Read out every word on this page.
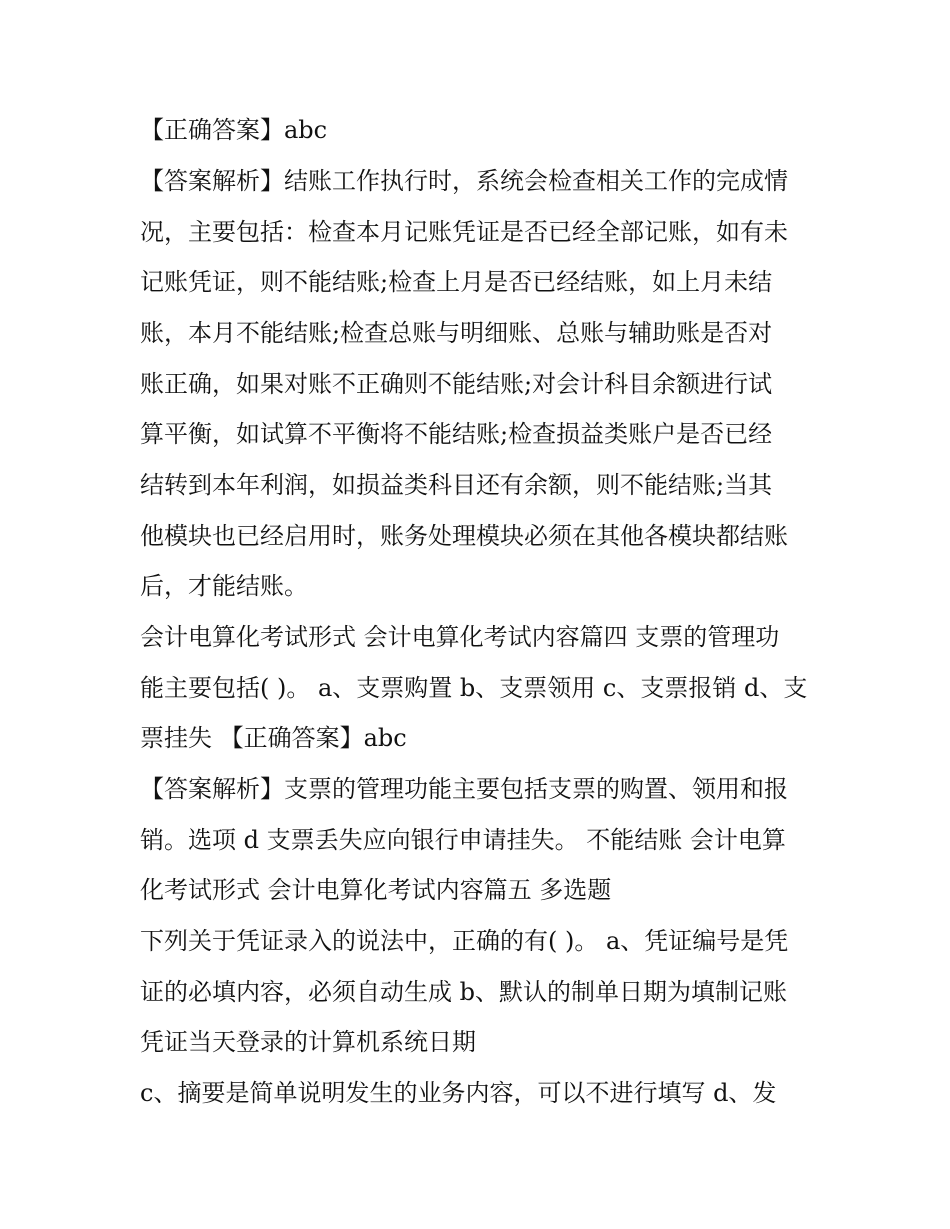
【正确答案】abc
【答案解析】结账工作执行时，系统会检查相关工作的完成情
况，主要包括：检查本月记账凭证是否已经全部记账，如有未
记账凭证，则不能结账;检查上月是否已经结账，如上月未结
账，本月不能结账;检查总账与明细账、总账与辅助账是否对
账正确，如果对账不正确则不能结账;对会计科目余额进行试
算平衡，如试算不平衡将不能结账;检查损益类账户是否已经
结转到本年利润，如损益类科目还有余额，则不能结账;当其
他模块也已经启用时，账务处理模块必须在其他各模块都结账
后，才能结账。
会计电算化考试形式 会计电算化考试内容篇四 支票的管理功
能主要包括( )。 a、支票购置 b、支票领用 c、支票报销 d、支
票挂失 【正确答案】abc
【答案解析】支票的管理功能主要包括支票的购置、领用和报
销。选项 d 支票丢失应向银行申请挂失。 不能结账 会计电算
化考试形式 会计电算化考试内容篇五 多选题
下列关于凭证录入的说法中，正确的有( )。 a、凭证编号是凭
证的必填内容，必须自动生成 b、默认的制单日期为填制记账
凭证当天登录的计算机系统日期
c、摘要是简单说明发生的业务内容，可以不进行填写 d、发
